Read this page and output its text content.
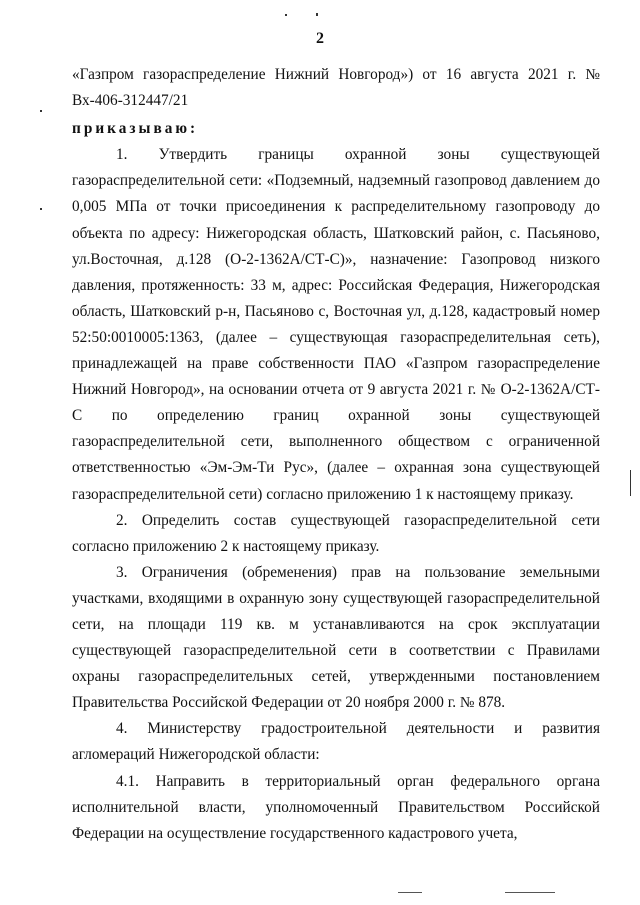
2

«Газпром газораспределение Нижний Новгород») от 16 августа 2021 г. № Вх-406-312447/21

приказываю:

1. Утвердить границы охранной зоны существующей газораспределительной сети: «Подземный, надземный газопровод давлением до 0,005 МПа от точки присоединения к распределительному газопроводу до объекта по адресу: Нижегородская область, Шатковский район, с. Пасьяново, ул.Восточная, д.128 (О-2-1362А/СТ-С)», назначение: Газопровод низкого давления, протяженность: 33 м, адрес: Российская Федерация, Нижегородская область, Шатковский р-н, Пасьяново с, Восточная ул, д.128, кадастровый номер 52:50:0010005:1363, (далее – существующая газораспределительная сеть), принадлежащей на праве собственности ПАО «Газпром газораспределение Нижний Новгород», на основании отчета от 9 августа 2021 г. № О-2-1362А/СТ-С по определению границ охранной зоны существующей газораспределительной сети, выполненного обществом с ограниченной ответственностью «Эм-Эм-Ти Рус», (далее – охранная зона существующей газораспределительной сети) согласно приложению 1 к настоящему приказу.

2. Определить состав существующей газораспределительной сети согласно приложению 2 к настоящему приказу.

3. Ограничения (обременения) прав на пользование земельными участками, входящими в охранную зону существующей газораспределительной сети, на площади 119 кв. м устанавливаются на срок эксплуатации существующей газораспределительной сети в соответствии с Правилами охраны газораспределительных сетей, утвержденными постановлением Правительства Российской Федерации от 20 ноября 2000 г. № 878.

4. Министерству градостроительной деятельности и развития агломераций Нижегородской области:

4.1. Направить в территориальный орган федерального органа исполнительной власти, уполномоченный Правительством Российской Федерации на осуществление государственного кадастрового учета,
